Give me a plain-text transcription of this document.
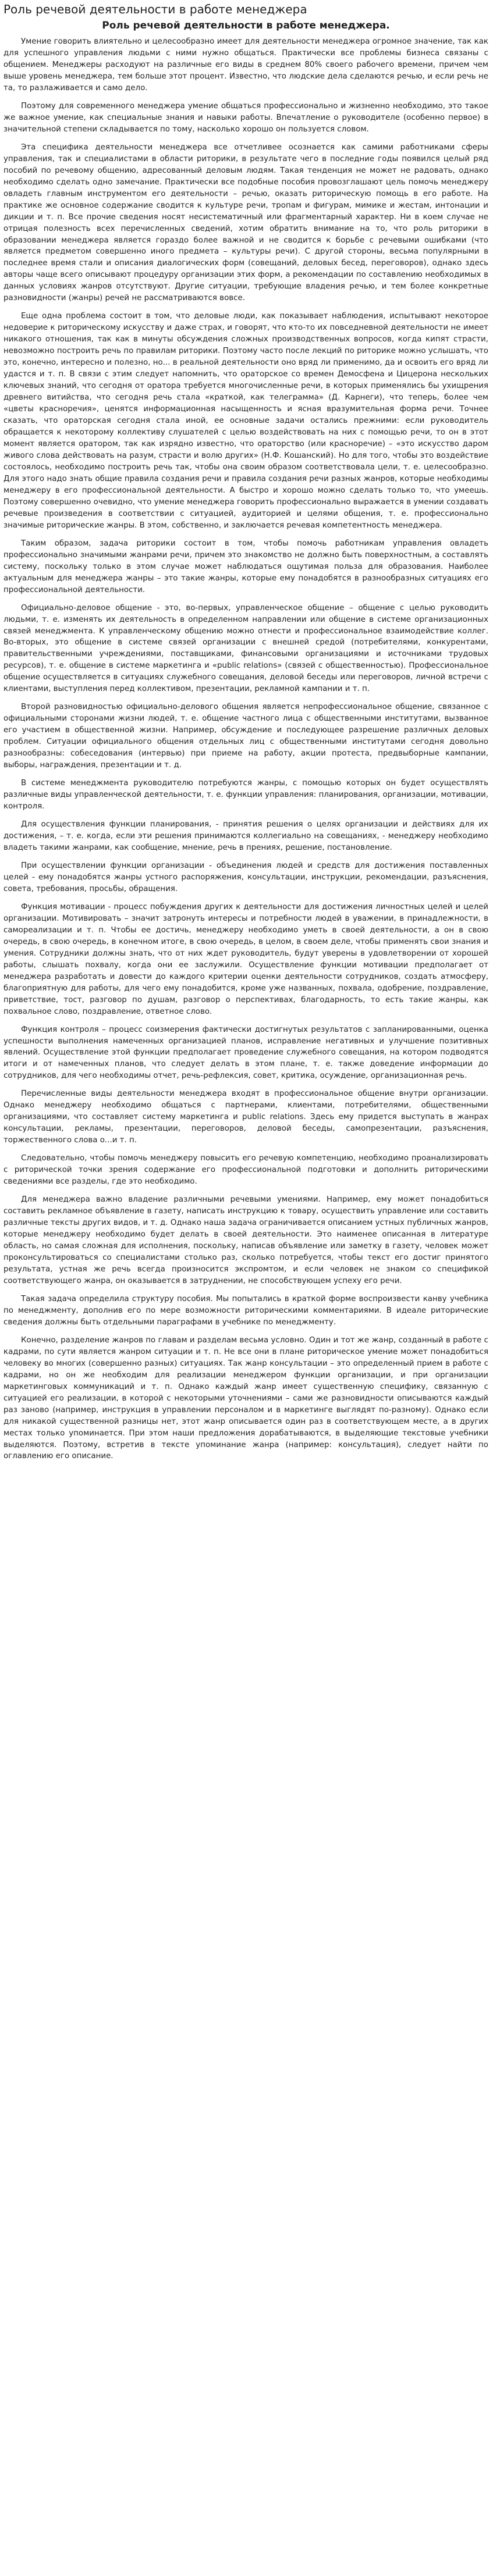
Роль речевой деятельности в работе менеджера
Роль речевой деятельности в работе менеджера.

Умение говорить влиятельно и целесообразно имеет для деятельности менеджера огромное значение, так как для успешного управления людьми с ними нужно общаться. Практически все проблемы бизнеса связаны с общением. Менеджеры расходуют на различные его виды в среднем 80% своего рабочего времени, причем чем выше уровень менеджера, тем больше этот процент. Известно, что людские дела сделаются речью, и если речь не та, то разлаживается и само дело.

Поэтому для современного менеджера умение общаться профессионально и жизненно необходимо, это такое же важное умение, как специальные знания и навыки работы. Впечатление о руководителе (особенно первое) в значительной степени складывается по тому, насколько хорошо он пользуется словом.

Эта специфика деятельности менеджера все отчетливее осознается как самими работниками сферы управления, так и специалистами в области риторики, в результате чего в последние годы появился целый ряд пособий по речевому общению, адресованный деловым людям. Такая тенденция не может не радовать, однако необходимо сделать одно замечание. Практически все подобные пособия провозглашают цель помочь менеджеру овладеть главным инструментом его деятельности – речью, оказать риторическую помощь в его работе. На практике же основное содержание сводится к культуре речи, тропам и фигурам, мимике и жестам, интонации и дикции и т. п. Все прочие сведения носят несистематичный или фрагментарный характер. Ни в коем случае не отрицая полезность всех перечисленных сведений, хотим обратить внимание на то, что роль риторики в образовании менеджера является гораздо более важной и не сводится к борьбе с речевыми ошибками (что является предметом совершенно иного предмета – культуры речи). С другой стороны, весьма популярными в последнее время стали и описания диалогических форм (совещаний, деловых бесед, переговоров), однако здесь авторы чаще всего описывают процедуру организации этих форм, а рекомендации по составлению необходимых в данных условиях жанров отсутствуют. Другие ситуации, требующие владения речью, и тем более конкретные разновидности (жанры) речей не рассматриваются вовсе.

Еще одна проблема состоит в том, что деловые люди, как показывает наблюдения, испытывают некоторое недоверие к риторическому искусству и даже страх, и говорят, что кто-то их повседневной деятельности не имеет никакого отношения, так как в минуты обсуждения сложных производственных вопросов, когда кипят страсти, невозможно построить речь по правилам риторики. Поэтому часто после лекций по риторике можно услышать, что это, конечно, интересно и полезно, но... в реальной деятельности оно вряд ли применимо, да и освоить его вряд ли удастся и т. п. В связи с этим следует напомнить, что ораторское со времен Демосфена и Цицерона нескольких ключевых знаний, что сегодня от оратора требуется многочисленные речи, в которых применялись бы ухищрения древнего витийства, что сегодня речь стала «краткой, как телеграмма» (Д. Карнеги), что теперь, более чем «цветы красноречия», ценятся информационная насыщенность и ясная вразумительная форма речи. Точнее сказать, что ораторская сегодня стала иной, ее основные задачи остались прежними: если руководитель обращается к некоторому коллективу слушателей с целью воздействовать на них с помощью речи, то он в этот момент является оратором, так как изрядно известно, что ораторство (или красноречие) – «это искусство даром живого слова действовать на разум, страсти и волю других» (Н.Ф. Кошанский). Но для того, чтобы это воздействие состоялось, необходимо построить речь так, чтобы она своим образом соответствовала цели, т. е. целесообразно. Для этого надо знать общие правила создания речи и правила создания речи разных жанров, которые необходимы менеджеру в его профессиональной деятельности. А быстро и хорошо можно сделать только то, что умеешь. Поэтому совершенно очевидно, что умение менеджера говорить профессионально выражается в умении создавать речевые произведения в соответствии с ситуацией, аудиторией и целями общения, т. е. профессионально значимые риторические жанры. В этом, собственно, и заключается речевая компетентность менеджера.

Таким образом, задача риторики состоит в том, чтобы помочь работникам управления овладеть профессионально значимыми жанрами речи, причем это знакомство не должно быть поверхностным, а составлять систему, поскольку только в этом случае может наблюдаться ощутимая польза для образования. Наиболее актуальным для менеджера жанры – это такие жанры, которые ему понадобятся в разнообразных ситуациях его профессиональной деятельности.

Официально-деловое общение - это, во-первых, управленческое общение – общение с целью руководить людьми, т. е. изменять их деятельность в определенном направлении или общение в системе организационных связей менеджмента. К управленческому общению можно отнести и профессиональное взаимодействие коллег. Во-вторых, это общение в системе связей организации с внешней средой (потребителями, конкурентами, правительственными учреждениями, поставщиками, финансовыми организациями и источниками трудовых ресурсов), т. е. общение в системе маркетинга и «public relations» (связей с общественностью). Профессиональное общение осуществляется в ситуациях служебного совещания, деловой беседы или переговоров, личной встречи с клиентами, выступления перед коллективом, презентации, рекламной кампании и т. п.

Второй разновидностью официально-делового общения является непрофессиональное общение, связанное с официальными сторонами жизни людей, т. е. общение частного лица с общественными институтами, вызванное его участием в общественной жизни. Например, обсуждение и последующее разрешение различных деловых проблем. Ситуации официального общения отдельных лиц с общественными институтами сегодня довольно разнообразны: собеседования (интервью) при приеме на работу, акции протеста, предвыборные кампании, выборы, награждения, презентации и т. д.

В системе менеджмента руководителю потребуются жанры, с помощью которых он будет осуществлять различные виды управленческой деятельности, т. е. функции управления: планирования, организации, мотивации, контроля.

Для осуществления функции планирования, - принятия решения о целях организации и действиях для их достижения, – т. е. когда, если эти решения принимаются коллегиально на совещаниях, - менеджеру необходимо владеть такими жанрами, как сообщение, мнение, речь в прениях, решение, постановление.

При осуществлении функции организации - объединения людей и средств для достижения поставленных целей - ему понадобятся жанры устного распоряжения, консультации, инструкции, рекомендации, разъяснения, совета, требования, просьбы, обращения.

Функция мотивации - процесс побуждения других к деятельности для достижения личностных целей и целей организации. Мотивировать – значит затронуть интересы и потребности людей в уважении, в принадлежности, в самореализации и т. п. Чтобы ее достичь, менеджеру необходимо уметь в своей деятельности, а он в свою очередь, в свою очередь, в конечном итоге, в свою очередь, в целом, в своем деле, чтобы применять свои знания и умения. Сотрудники должны знать, что от них ждет руководитель, будут уверены в удовлетворении от хорошей работы, слышать похвалу, когда они ее заслужили. Осуществление функции мотивации предполагает от менеджера разработать и довести до каждого критерии оценки деятельности сотрудников, создать атмосферу, благоприятную для работы, для чего ему понадобится, кроме уже названных, похвала, одобрение, поздравление, приветствие, тост, разговор по душам, разговор о перспективах, благодарность, то есть такие жанры, как похвальное слово, поздравление, ответное слово.

Функция контроля – процесс соизмерения фактически достигнутых результатов с запланированными, оценка успешности выполнения намеченных организацией планов, исправление негативных и улучшение позитивных явлений. Осуществление этой функции предполагает проведение служебного совещания, на котором подводятся итоги и от намеченных планов, что следует делать в этом плане, т. е. также доведение информации до сотрудников, для чего необходимы отчет, речь-рефлексия, совет, критика, осуждение, организационная речь.

Перечисленные виды деятельности менеджера входят в профессиональное общение внутри организации. Однако менеджеру необходимо общаться с партнерами, клиентами, потребителями, общественными организациями, что составляет систему маркетинга и public relations. Здесь ему придется выступать в жанрах консультации, рекламы, презентации, переговоров, деловой беседы, самопрезентации, разъяснения, торжественного слова о...и т. п.

Следовательно, чтобы помочь менеджеру повысить его речевую компетенцию, необходимо проанализировать с риторической точки зрения содержание его профессиональной подготовки и дополнить риторическими сведениями все разделы, где это необходимо.

Для менеджера важно владение различными речевыми умениями. Например, ему может понадобиться составить рекламное объявление в газету, написать инструкцию к товару, осуществить управление или составить различные тексты других видов, и т. д. Однако наша задача ограничивается описанием устных публичных жанров, которые менеджеру необходимо будет делать в своей деятельности. Это наименее описанная в литературе область, но самая сложная для исполнения, поскольку, написав объявление или заметку в газету, человек может проконсультироваться со специалистами столько раз, сколько потребуется, чтобы текст его достиг принятого результата, устная же речь всегда произносится экспромтом, и если человек не знаком со спецификой соответствующего жанра, он оказывается в затруднении, не способствующем успеху его речи.

Такая задача определила структуру пособия. Мы попытались в краткой форме воспроизвести канву учебника по менеджменту, дополнив его по мере возможности риторическими комментариями. В идеале риторические сведения должны быть отдельными параграфами в учебнике по менеджменту.

Конечно, разделение жанров по главам и разделам весьма условно. Один и тот же жанр, созданный в работе с кадрами, по сути является жанром ситуации и т. п. Не все они в плане риторическое умение может понадобиться человеку во многих (совершенно разных) ситуациях. Так жанр консультации – это определенный прием в работе с кадрами, но он же необходим для реализации менеджером функции организации, и при организации маркетинговых коммуникаций и т. п. Однако каждый жанр имеет существенную специфику, связанную с ситуацией его реализации, в которой с некоторыми уточнениями – сами же разновидности описываются каждый раз заново (например, инструкция в управлении персоналом и в маркетинге выглядят по-разному). Однако если для никакой существенной разницы нет, этот жанр описывается один раз в соответствующем месте, а в других местах только упоминается. При этом наши предложения дорабатываются, в выделяющие текстовые учебники выделяются. Поэтому, встретив в тексте упоминание жанра (например: консультация), следует найти по оглавлению его описание.
